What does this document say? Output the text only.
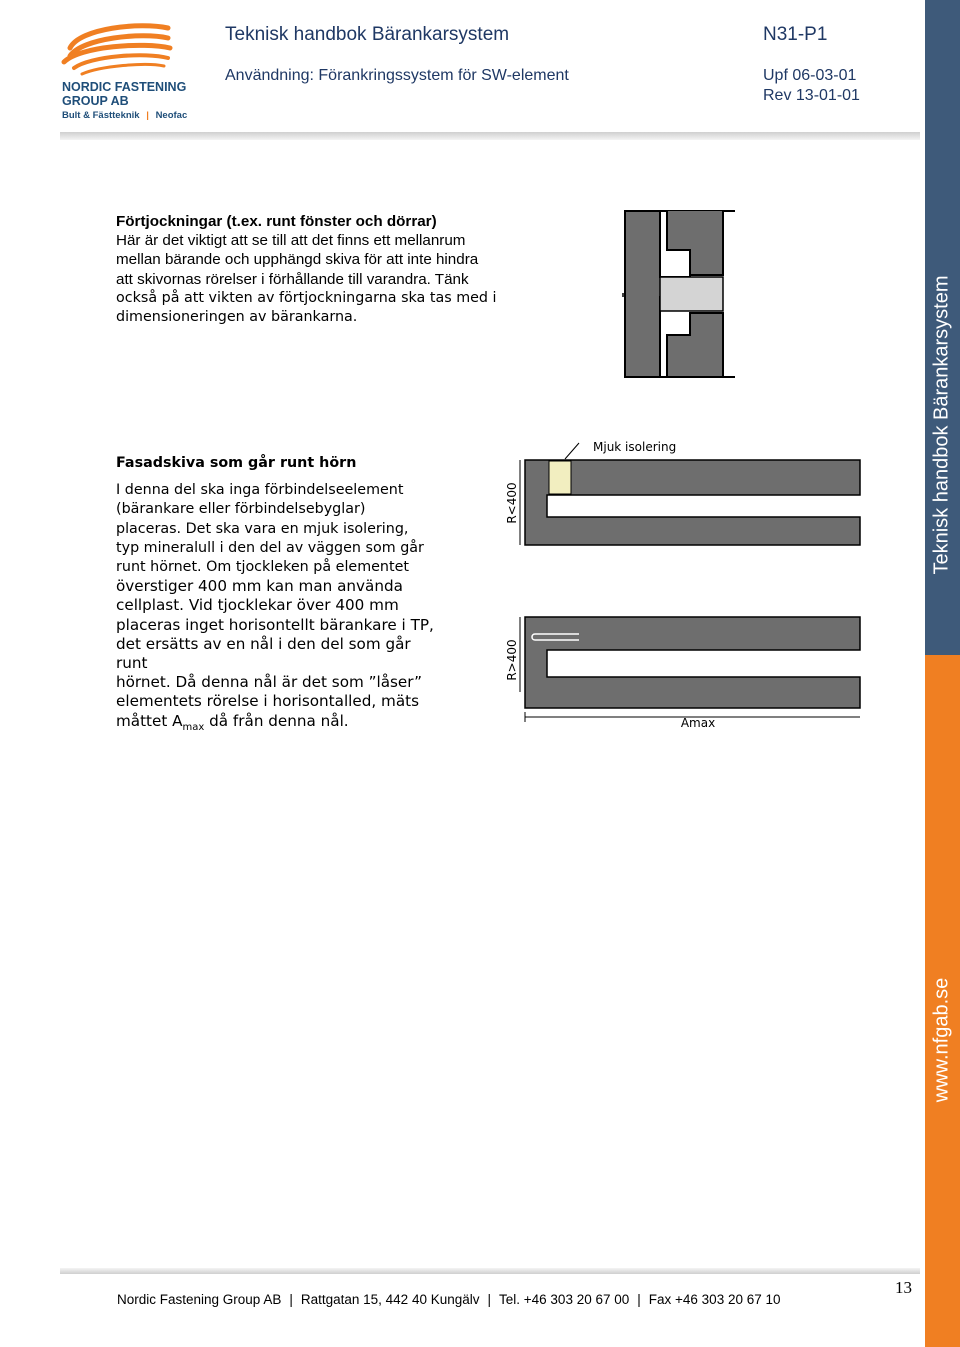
NORDIC FASTENING
GROUP AB
Bult & Fästteknik | Neofac
Teknisk handbok Bärankarsystem	N31-P1
Användning: Förankringssystem för SW-element	Upf 06-03-01
Rev 13-01-01
Förtjockningar (t.ex. runt fönster och dörrar)
Här är det viktigt att se till att det finns ett mellanrum
mellan bärande och upphängd skiva för att inte hindra
att skivornas rörelser i förhållande till varandra. Tänk
också på att vikten av förtjockningarna ska tas med i
dimensioneringen av bärankarna.
Fasadskiva som går runt hörn
I denna del ska inga förbindelseelement
(bärankare eller förbindelsebyglar)
placeras. Det ska vara en mjuk isolering,
typ mineralull i den del av väggen som går
runt hörnet. Om tjockleken på elementet
överstiger 400 mm kan man använda
cellplast. Vid tjocklekar över 400 mm
placeras inget horisontellt bärankare i TP,
det ersätts av en nål i den del som går runt
hörnet. Då denna nål är det som ”låser”
elementets rörelse i horisontalled, mäts
måttet $A_{max}$ då från denna nål.
R<400
Mjuk isolering
R>400
Amax
Teknisk handbok Bärankarsystem
www.nfgab.se
13
Nordic Fastening Group AB | Rattgatan 15, 442 40 Kungälv | Tel. +46 303 20 67 00 | Fax +46 303 20 67 10
